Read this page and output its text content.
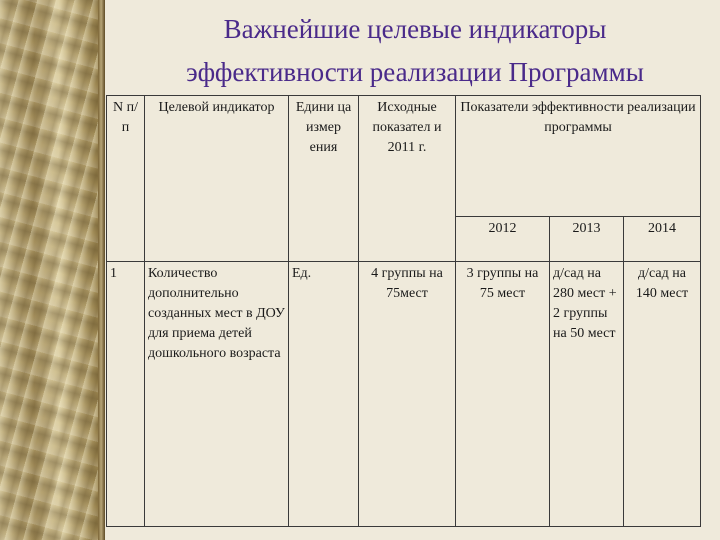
Важнейшие целевые индикаторы
эффективности реализации Программы
N п/ п	Целевой индикатор	Едини ца измер ения	Исходные показател и 2011 г.	Показатели эффективности реализации программы		
				2012	2013	2014
1	Количество дополнительно созданных мест в ДОУ для приема детей дошкольного возраста	Ед.	4 группы на 75мест	3 группы на 75 мест	д/сад на 280 мест + 2 группы на 50 мест	д/сад на 140 мест
